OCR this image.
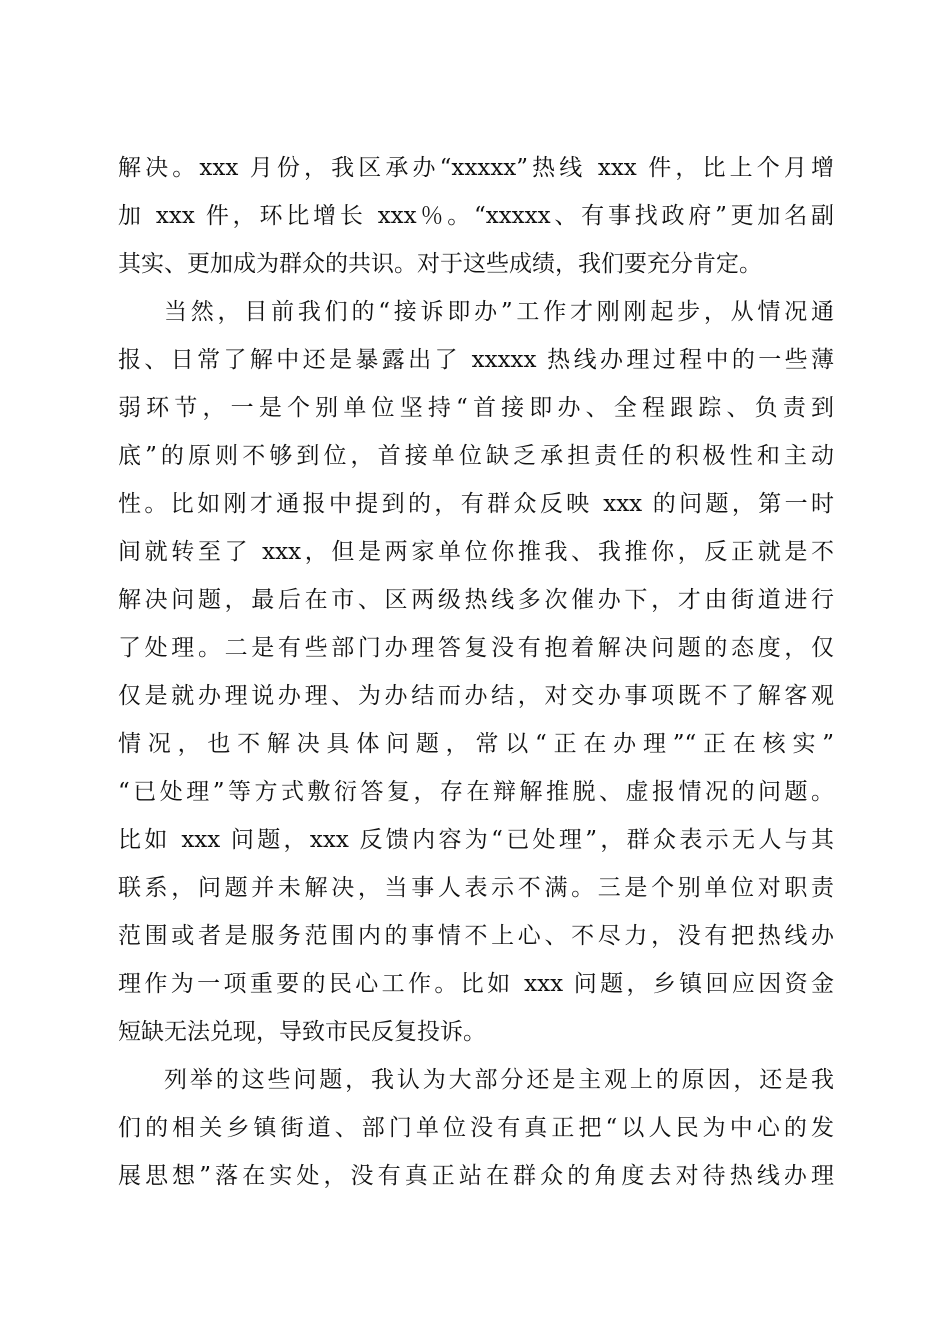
解决。xxx 月份，我区承办“xxxxx”热线 xxx 件，比上个月增
加 xxx 件，环比增长 xxx％。“xxxxx、有事找政府”更加名副
其实、更加成为群众的共识。对于这些成绩，我们要充分肯定。
当然，目前我们的“接诉即办”工作才刚刚起步，从情况通
报、日常了解中还是暴露出了 xxxxx 热线办理过程中的一些薄
弱环节，一是个别单位坚持“首接即办、全程跟踪、负责到
底”的原则不够到位，首接单位缺乏承担责任的积极性和主动
性。比如刚才通报中提到的，有群众反映 xxx 的问题，第一时
间就转至了 xxx，但是两家单位你推我、我推你，反正就是不
解决问题，最后在市、区两级热线多次催办下，才由街道进行
了处理。二是有些部门办理答复没有抱着解决问题的态度，仅
仅是就办理说办理、为办结而办结，对交办事项既不了解客观
情况，也不解决具体问题，常以“正在办理”“正在核实”
“已处理”等方式敷衍答复，存在辩解推脱、虚报情况的问题。
比如 xxx 问题，xxx 反馈内容为“已处理”，群众表示无人与其
联系，问题并未解决，当事人表示不满。三是个别单位对职责
范围或者是服务范围内的事情不上心、不尽力，没有把热线办
理作为一项重要的民心工作。比如 xxx 问题，乡镇回应因资金
短缺无法兑现，导致市民反复投诉。
列举的这些问题，我认为大部分还是主观上的原因，还是我
们的相关乡镇街道、部门单位没有真正把“以人民为中心的发
展思想”落在实处，没有真正站在群众的角度去对待热线办理
